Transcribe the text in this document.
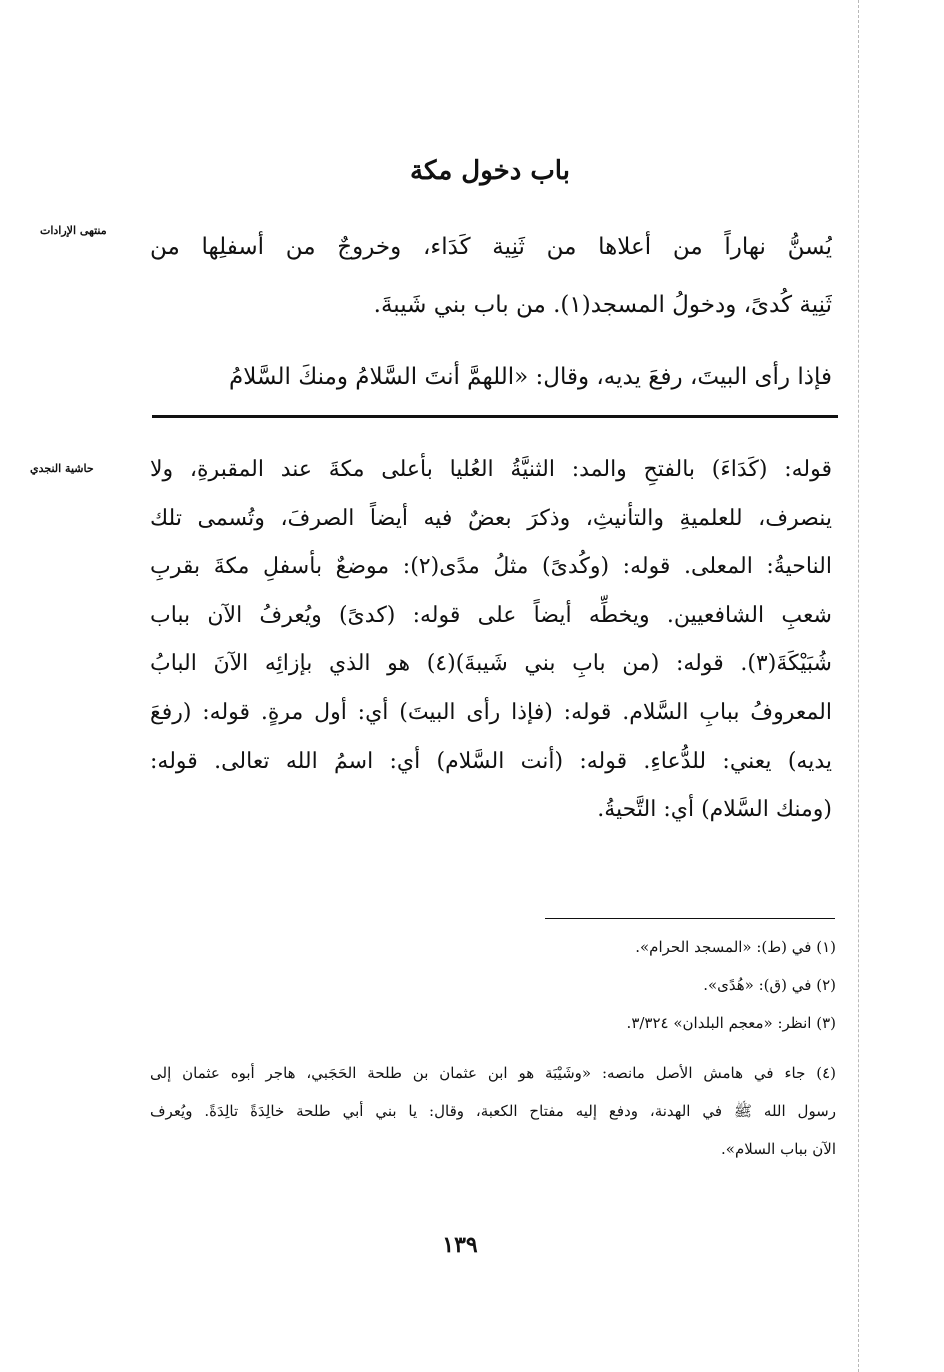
باب دخول مكة
منتهى الإرادات
حاشية النجدي
يُسنُّ نهاراً من أعلاها من ثَنِية كَدَاء، وخروجٌ من أسفلِها من
ثَنِية كُدىً، ودخولُ المسجد(١). من باب بني شَيبةَ.
فإذا رأى البيتَ، رفعَ يديه، وقال: «اللهمَّ أنتَ السَّلامُ ومنكَ السَّلامُ
قوله: (كَدَاءَ) بالفتحِ والمد: الثنيَّةُ العُليا بأعلى مكةَ عند المقبرةِ، ولا
ينصرف، للعلميةِ والتأنيثِ، وذكرَ بعضٌ فيه أيضاً الصرفَ، وتُسمى تلك
الناحيةُ: المعلى. قوله: (وكُدىً) مثلُ مدًى(٢): موضعٌ بأسفلِ مكةَ بقربِ
شعبِ الشافعيين. ويخطِّه أيضاً على قوله: (كدىً) ويُعرفُ الآن بباب
شُبَيْكَةَ(٣). قوله: (من بابِ بني شَيبةَ)(٤) هو الذي بإزائِه الآنَ البابُ
المعروفُ ببابِ السَّلام. قوله: (فإذا رأى البيتَ) أي: أول مرةٍ. قوله: (رفعَ
يديه) يعني: للدُّعاءِ. قوله: (أنت السَّلام) أي: اسمُ الله تعالى. قوله:
(ومنك السَّلام) أي: التَّحيةُ.
(١) في (ط): «المسجد الحرام».
(٢) في (ق): «هُدًى».
(٣) انظر: «معجم البلدان» ٣/٣٢٤.
(٤) جاء في هامش الأصل مانصه: «وشَيْبَة هو ابن عثمان بن طلحة الحَجَبي، هاجر أبوه عثمان إلى
رسول الله ﷺ في الهدنة، ودفع إليه مفتاح الكعبة، وقال: يا بني أبي طلحة خالِدَةً تالِدَةً. ويُعرف
الآن بباب السلام».
١٣٩
